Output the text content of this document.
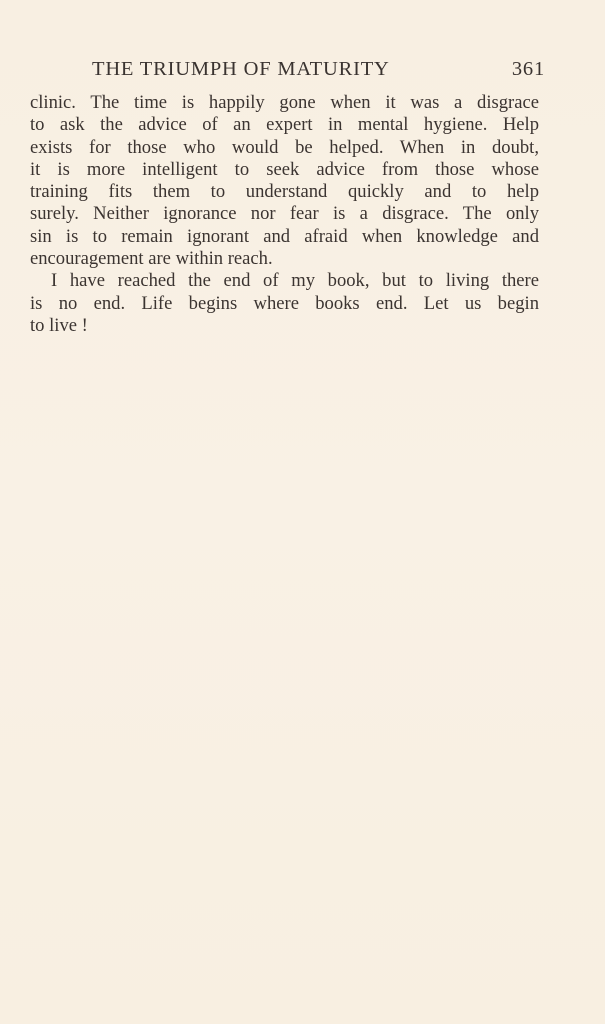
THE TRIUMPH OF MATURITY	361
clinic. The time is happily gone when it was a disgrace
to ask the advice of an expert in mental hygiene. Help
exists for those who would be helped. When in doubt,
it is more intelligent to seek advice from those whose
training fits them to understand quickly and to help
surely. Neither ignorance nor fear is a disgrace. The only
sin is to remain ignorant and afraid when knowledge and
encouragement are within reach.
I have reached the end of my book, but to living there
is no end. Life begins where books end. Let us begin
to live !
